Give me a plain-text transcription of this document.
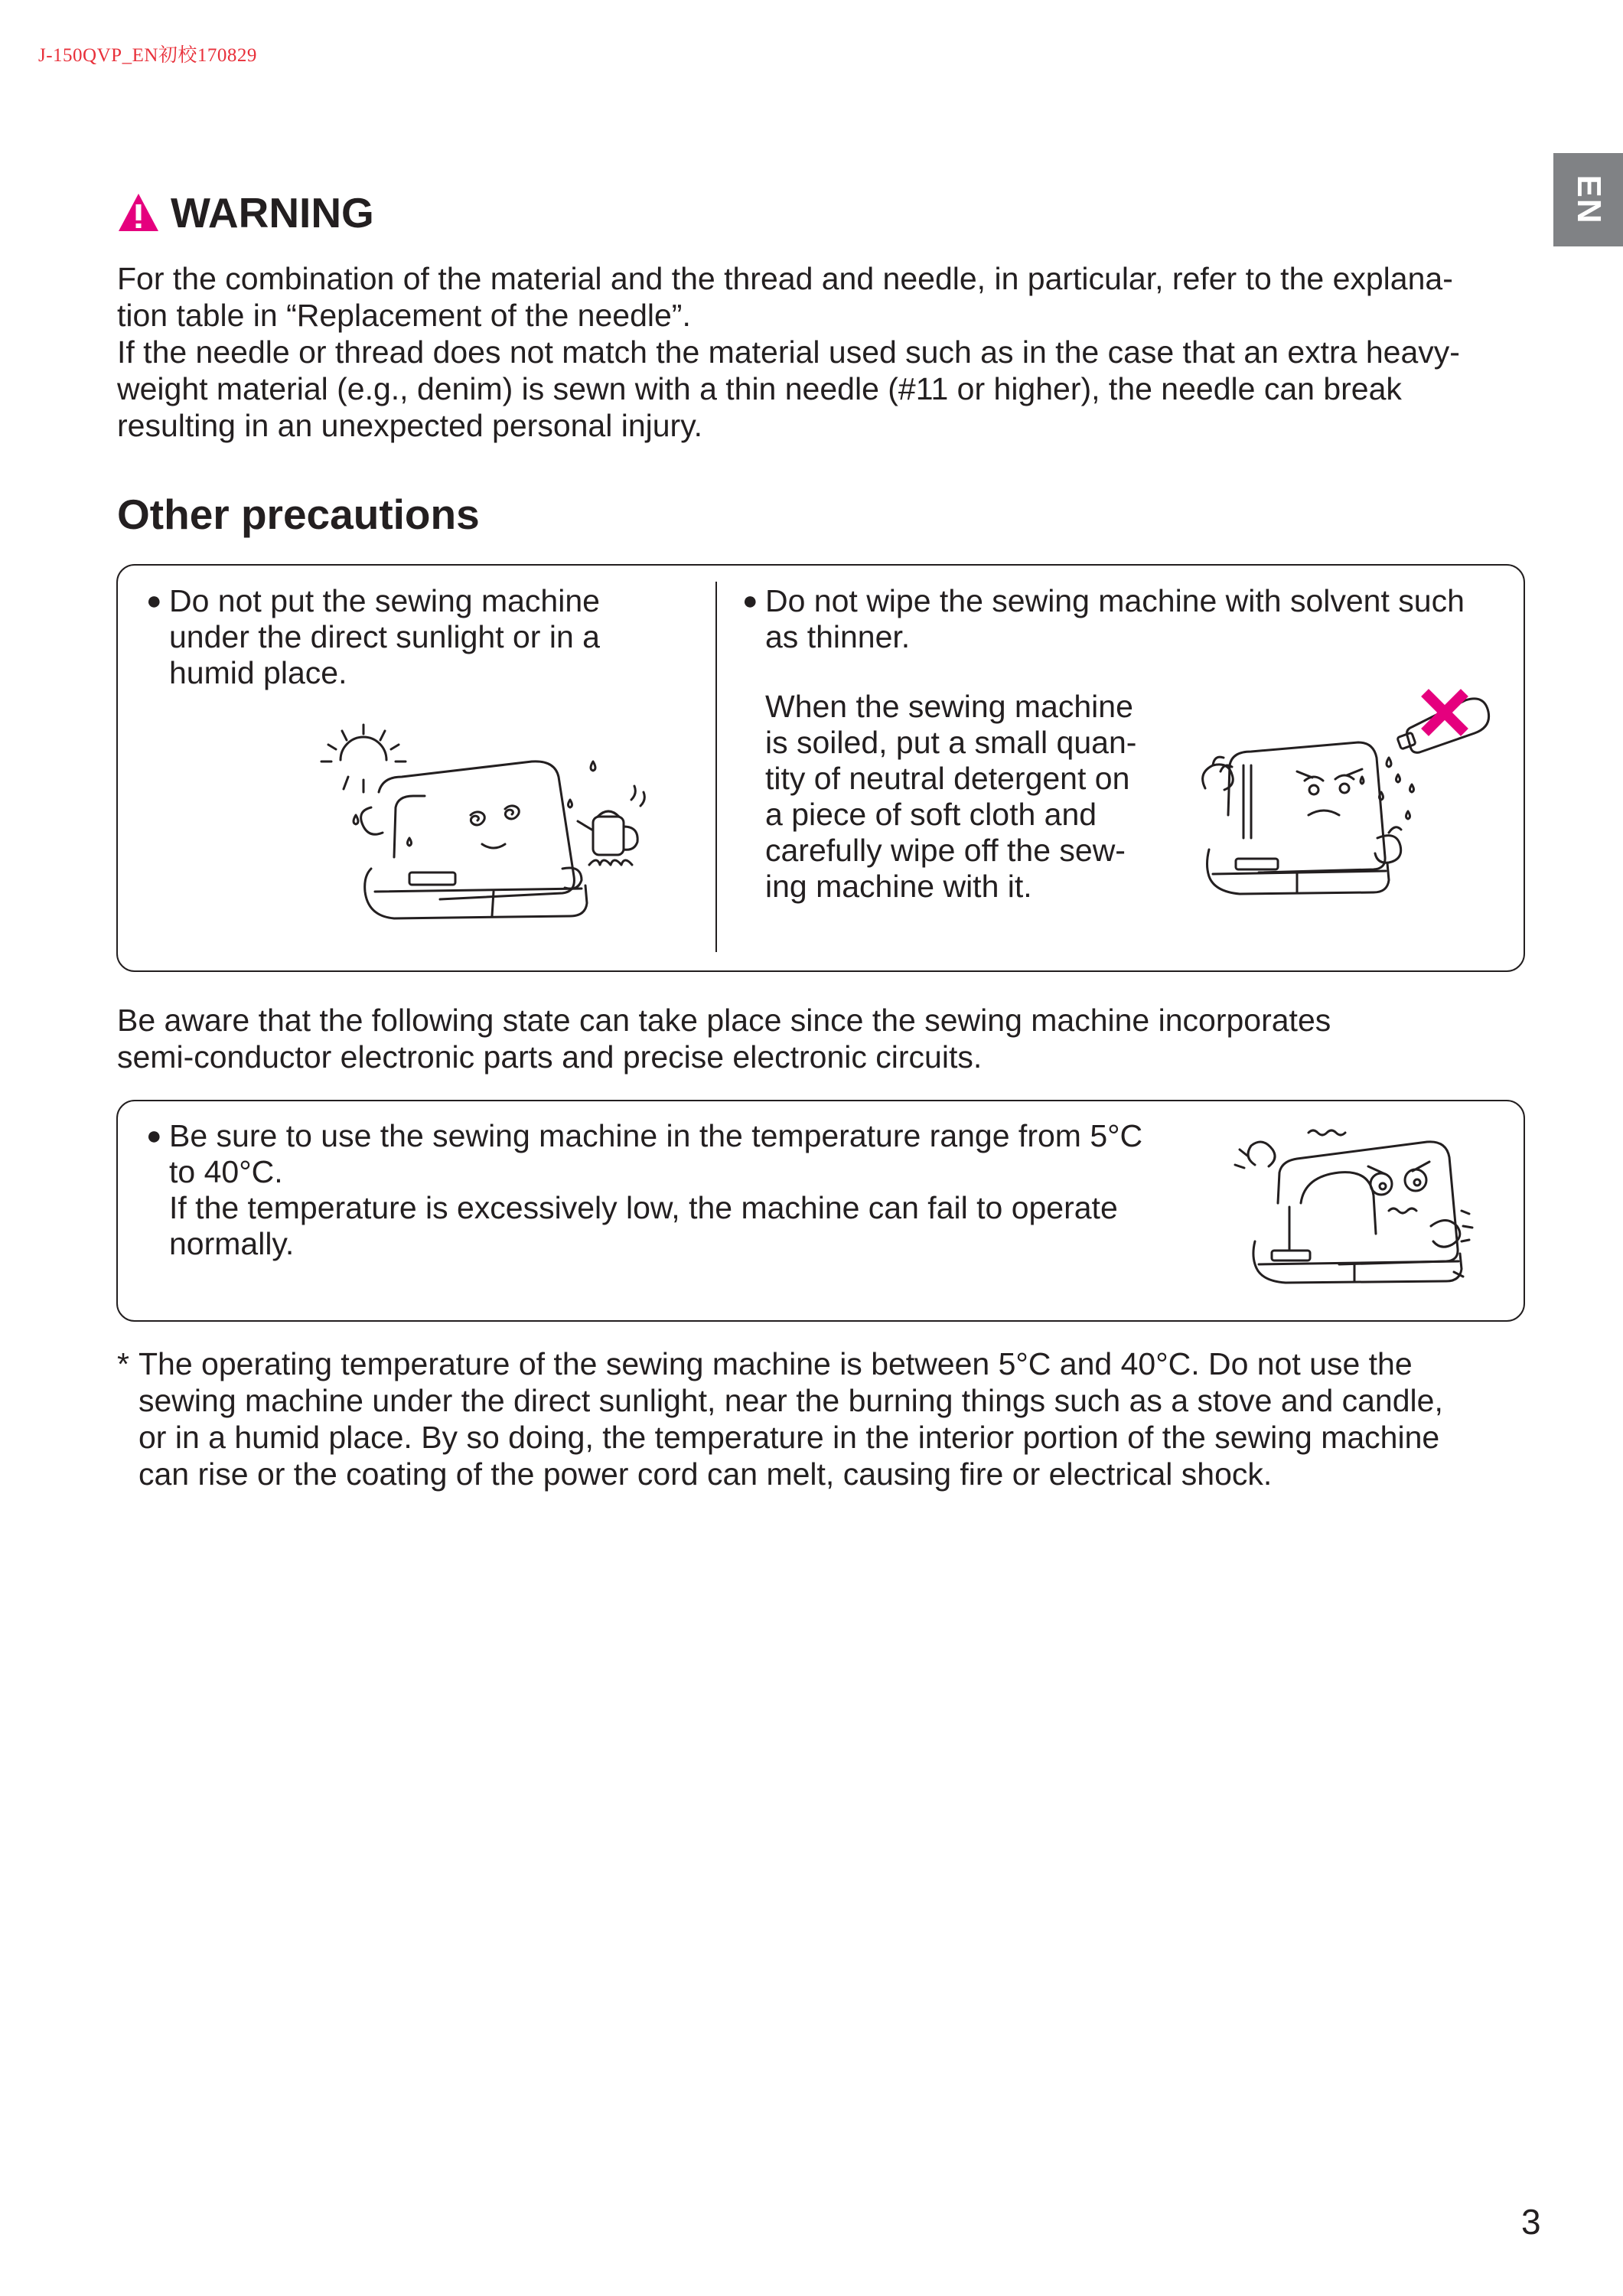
J-150QVP_EN初校170829
EN
WARNING

For the combination of the material and the thread and needle, in particular, refer to the explana-

tion table in “Replacement of the needle”.

If the needle or thread does not match the material used such as in the case that an extra heavy-

weight material (e.g., denim) is sewn with a thin needle (#11 or higher), the needle can break

resulting in an unexpected personal injury.

Other precautions
● Do not put the sewing machine
under the direct sunlight or in a
humid place.
● Do not wipe the sewing machine with solvent such
as thinner.
When the sewing machine
is soiled, put a small quan-
tity of neutral detergent on
a piece of soft cloth and
carefully wipe off the sew-
ing machine with it.

Be aware that the following state can take place since the sewing machine incorporates

semi-conductor electronic parts and precise electronic circuits.

● Be sure to use the sewing machine in the temperature range from 5°C
to 40°C.
If the temperature is excessively low, the machine can fail to operate
normally.
* The operating temperature of the sewing machine is between 5°C and 40°C. Do not use the
sewing machine under the direct sunlight, near the burning things such as a stove and candle,
or in a humid place. By so doing, the temperature in the interior portion of the sewing machine
can rise or the coating of the power cord can melt, causing fire or electrical shock.
3
